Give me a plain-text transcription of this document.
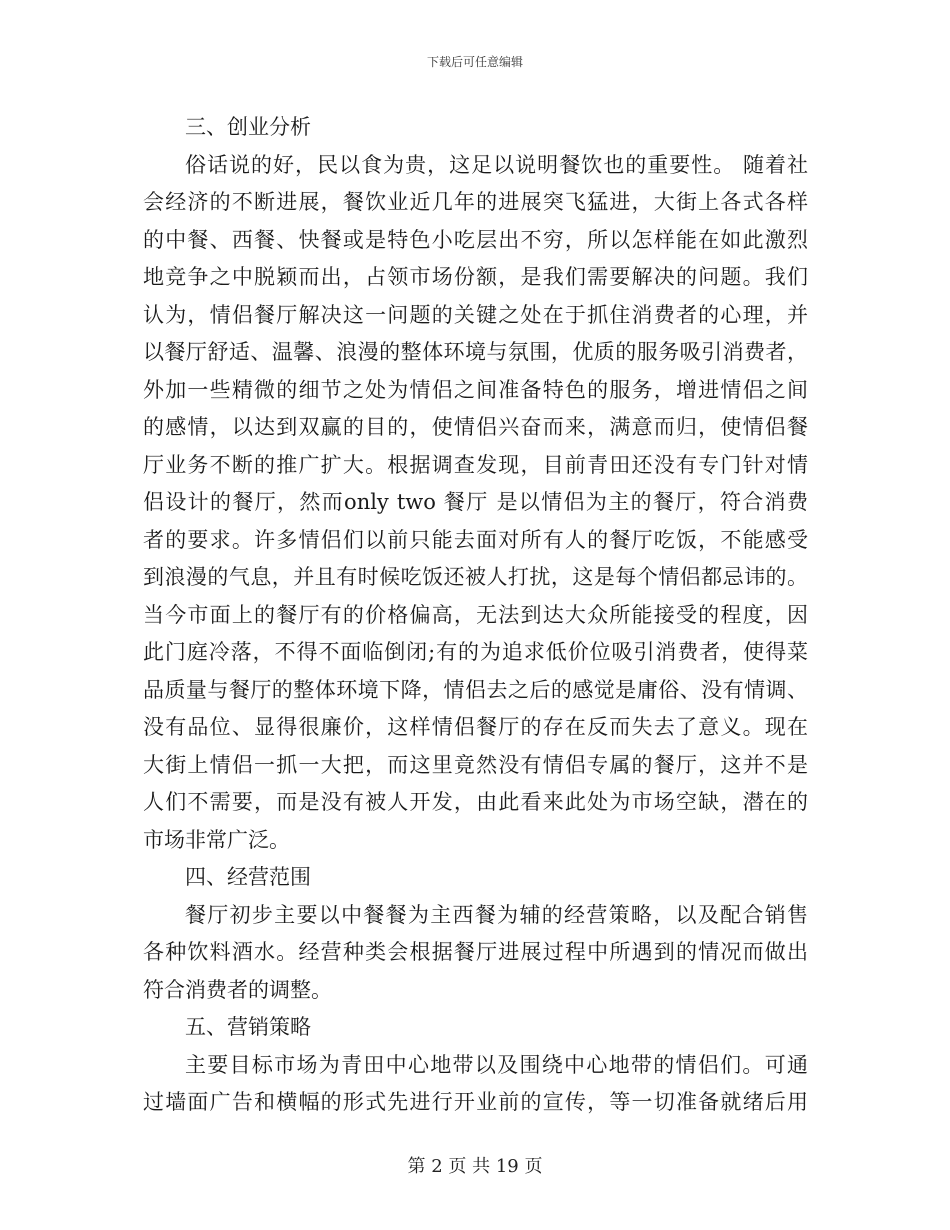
下载后可任意编辑
三、创业分析
俗话说的好，民以食为贵，这足以说明餐饮也的重要性。 随着社
会经济的不断进展，餐饮业近几年的进展突飞猛进，大街上各式各样
的中餐、西餐、快餐或是特色小吃层出不穷，所以怎样能在如此激烈
地竞争之中脱颖而出，占领市场份额，是我们需要解决的问题。我们
认为，情侣餐厅解决这一问题的关键之处在于抓住消费者的心理，并
以餐厅舒适、温馨、浪漫的整体环境与氛围，优质的服务吸引消费者，
外加一些精微的细节之处为情侣之间准备特色的服务，增进情侣之间
的感情，以达到双赢的目的，使情侣兴奋而来，满意而归，使情侣餐
厅业务不断的推广扩大。根据调查发现，目前青田还没有专门针对情
侣设计的餐厅，然而only two 餐厅 是以情侣为主的餐厅，符合消费
者的要求。许多情侣们以前只能去面对所有人的餐厅吃饭，不能感受
到浪漫的气息，并且有时候吃饭还被人打扰，这是每个情侣都忌讳的。
当今市面上的餐厅有的价格偏高，无法到达大众所能接受的程度，因
此门庭冷落，不得不面临倒闭;有的为追求低价位吸引消费者，使得菜
品质量与餐厅的整体环境下降，情侣去之后的感觉是庸俗、没有情调、
没有品位、显得很廉价，这样情侣餐厅的存在反而失去了意义。现在
大街上情侣一抓一大把，而这里竟然没有情侣专属的餐厅，这并不是
人们不需要，而是没有被人开发，由此看来此处为市场空缺，潜在的
市场非常广泛。
四、经营范围
餐厅初步主要以中餐餐为主西餐为辅的经营策略，以及配合销售
各种饮料酒水。经营种类会根据餐厅进展过程中所遇到的情况而做出
符合消费者的调整。
五、营销策略
主要目标市场为青田中心地带以及围绕中心地带的情侣们。可通
过墙面广告和横幅的形式先进行开业前的宣传，等一切准备就绪后用
第 2 页 共 19 页
